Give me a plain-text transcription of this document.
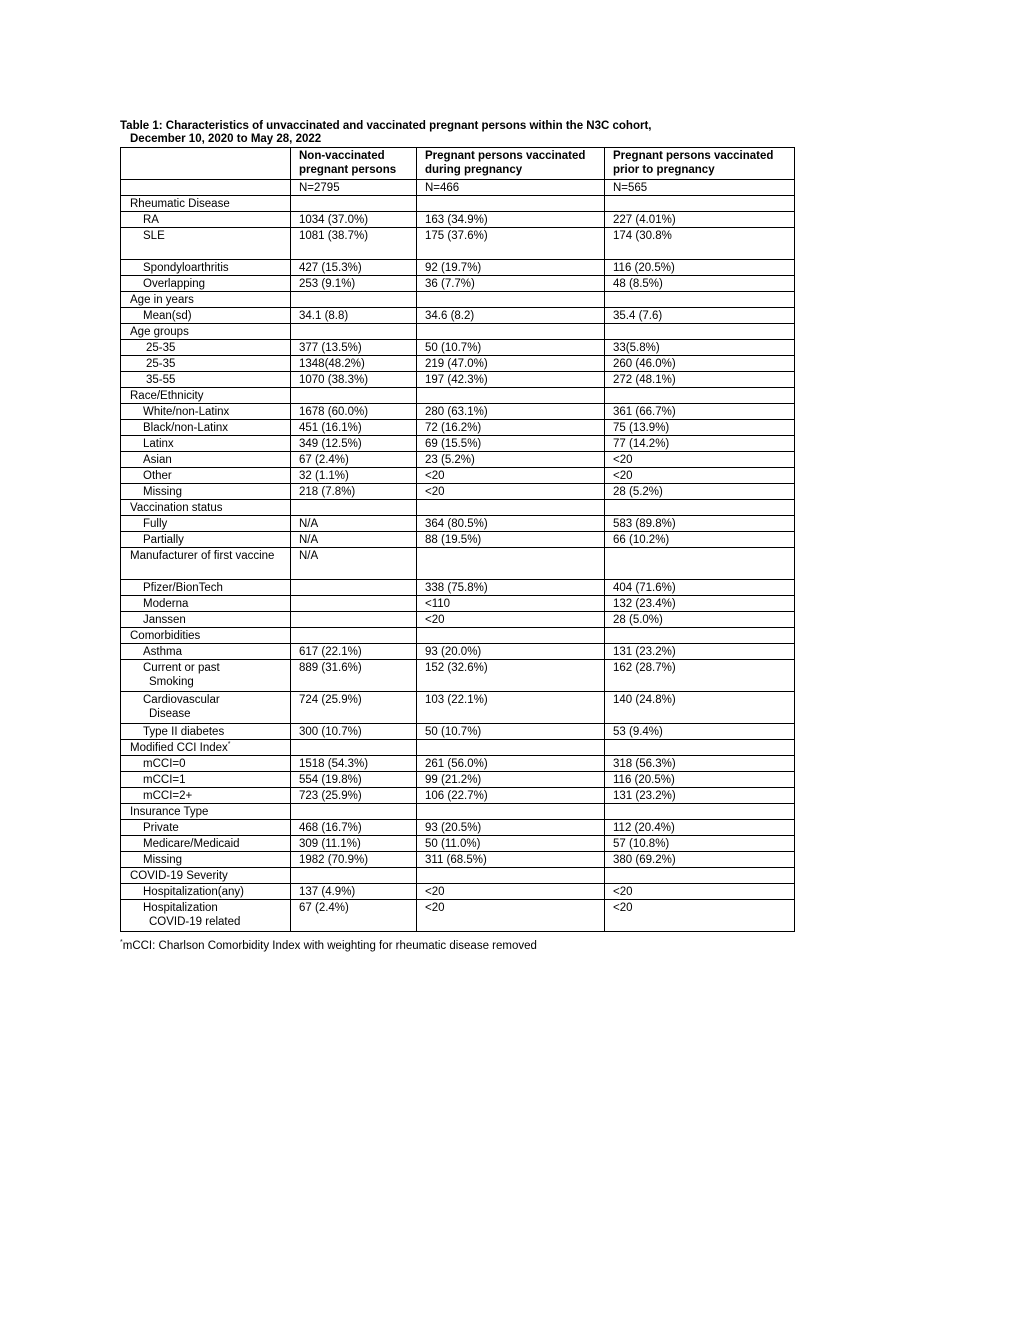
Table 1: Characteristics of unvaccinated and vaccinated pregnant persons within the N3C cohort,
December 10, 2020 to May 28, 2022
	Non-vaccinated pregnant persons	Pregnant persons vaccinated during pregnancy	Pregnant persons vaccinated prior to pregnancy
	N=2795	N=466	N=565
Rheumatic Disease			
RA	1034 (37.0%)	163 (34.9%)	227 (4.01%)
SLE	1081 (38.7%)	175 (37.6%)	174 (30.8%
Spondyloarthritis	427 (15.3%)	92 (19.7%)	116 (20.5%)
Overlapping	253 (9.1%)	36 (7.7%)	48 (8.5%)
Age in years			
Mean(sd)	34.1 (8.8)	34.6 (8.2)	35.4 (7.6)
Age groups			
25-35	377 (13.5%)	50 (10.7%)	33(5.8%)
25-35	1348(48.2%)	219 (47.0%)	260 (46.0%)
35-55	1070 (38.3%)	197 (42.3%)	272 (48.1%)
Race/Ethnicity			
White/non-Latinx	1678 (60.0%)	280 (63.1%)	361 (66.7%)
Black/non-Latinx	451 (16.1%)	72 (16.2%)	75 (13.9%)
Latinx	349 (12.5%)	69 (15.5%)	77 (14.2%)
Asian	67 (2.4%)	23 (5.2%)	<20
Other	32 (1.1%)	<20	<20
Missing	218 (7.8%)	<20	28 (5.2%)
Vaccination status			
Fully	N/A	364 (80.5%)	583 (89.8%)
Partially	N/A	88 (19.5%)	66 (10.2%)
Manufacturer of first vaccine	N/A		
Pfizer/BionTech		338 (75.8%)	404 (71.6%)
Moderna		<110	132 (23.4%)
Janssen		<20	28 (5.0%)
Comorbidities			
Asthma	617 (22.1%)	93 (20.0%)	131 (23.2%)
Current or past
Smoking	889 (31.6%)	152 (32.6%)	162 (28.7%)
Cardiovascular
Disease	724 (25.9%)	103 (22.1%)	140 (24.8%)
Type II diabetes	300 (10.7%)	50 (10.7%)	53 (9.4%)
Modified CCI Index*			
mCCI=0	1518 (54.3%)	261 (56.0%)	318 (56.3%)
mCCI=1	554 (19.8%)	99 (21.2%)	116 (20.5%)
mCCI=2+	723 (25.9%)	106 (22.7%)	131 (23.2%)
Insurance Type			
Private	468 (16.7%)	93 (20.5%)	112 (20.4%)
Medicare/Medicaid	309 (11.1%)	50 (11.0%)	57 (10.8%)
Missing	1982 (70.9%)	311 (68.5%)	380 (69.2%)
COVID-19 Severity			
Hospitalization(any)	137 (4.9%)	<20	<20
Hospitalization
COVID-19 related	67 (2.4%)	<20	<20
*mCCI: Charlson Comorbidity Index with weighting for rheumatic disease removed
